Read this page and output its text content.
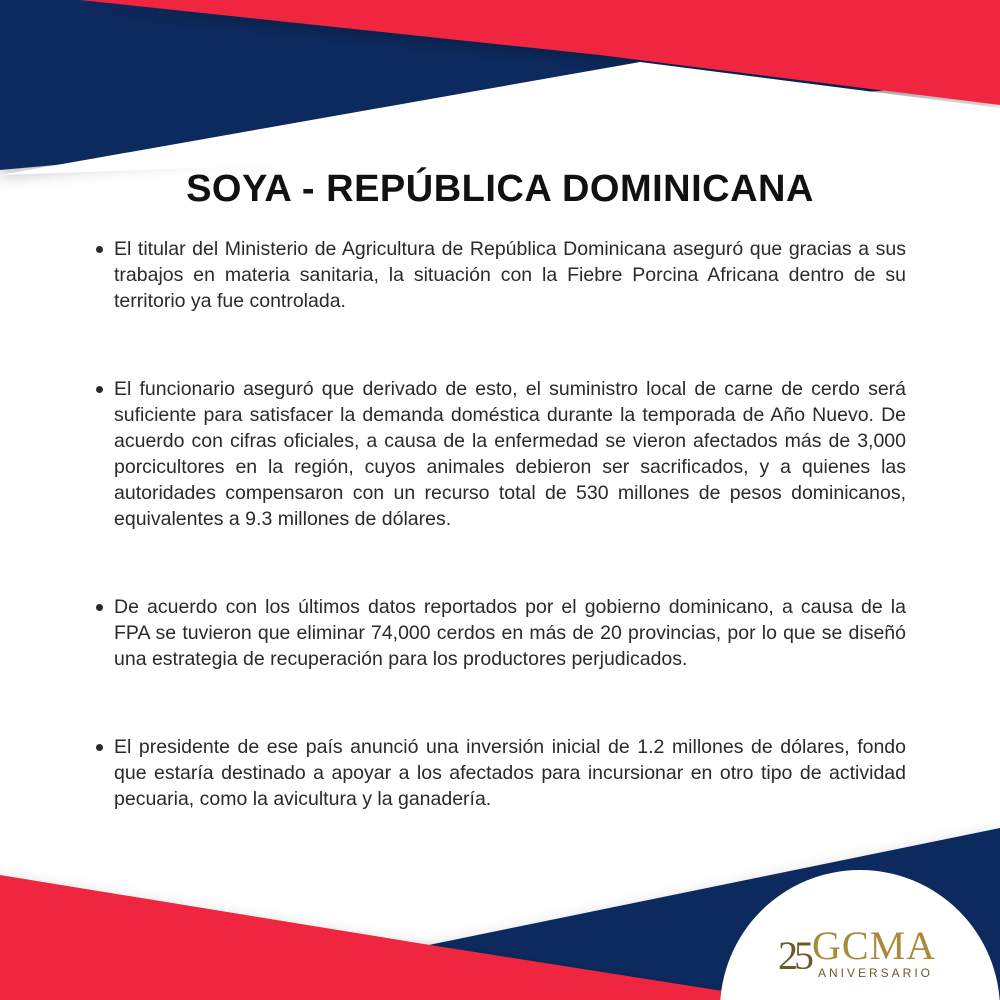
SOYA - REPÚBLICA DOMINICANA
El titular del Ministerio de Agricultura de República Dominicana aseguró que gracias a sus trabajos en materia sanitaria, la situación con la Fiebre Porcina Africana dentro de su territorio ya fue controlada.
El funcionario aseguró que derivado de esto, el suministro local de carne de cerdo será suficiente para satisfacer la demanda doméstica durante la temporada de Año Nuevo. De acuerdo con cifras oficiales, a causa de la enfermedad se vieron afectados más de 3,000 porcicultores en la región, cuyos animales debieron ser sacrificados, y a quienes las autoridades compensaron con un recurso total de 530 millones de pesos dominicanos, equivalentes a 9.3 millones de dólares.
De acuerdo con los últimos datos reportados por el gobierno dominicano, a causa de la FPA se tuvieron que eliminar 74,000 cerdos en más de 20 provincias, por lo que se diseñó una estrategia de recuperación para los productores perjudicados.
El presidente de ese país anunció una inversión inicial de 1.2 millones de dólares, fondo que estaría destinado a apoyar a los afectados para incursionar en otro tipo de actividad pecuaria, como la avicultura y la ganadería.
25 GCMA
ANIVERSARIO
